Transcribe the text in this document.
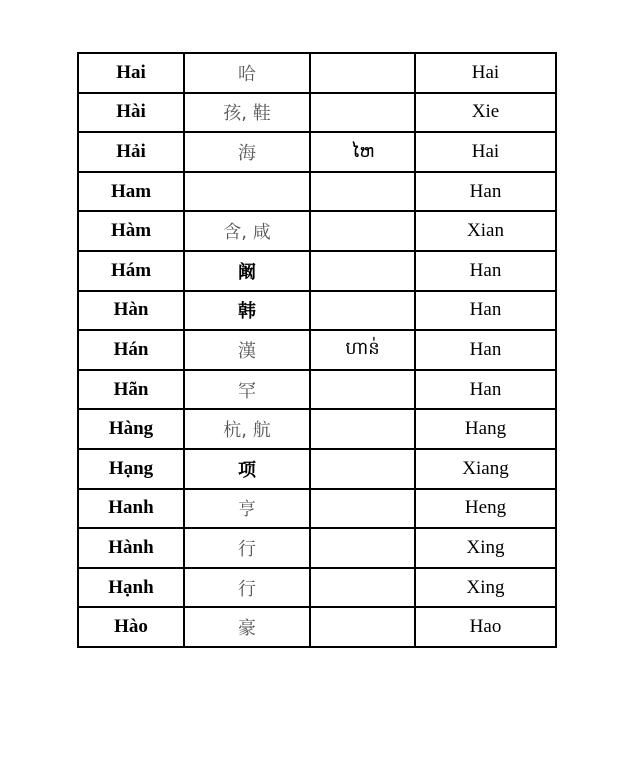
Hai	哈		Hai
Hài	孩, 鞋		Xie
Hải	海	ໄຫ	Hai
Ham			Han
Hàm	含, 咸		Xian
Hám	阚		Han
Hàn	韩		Han
Hán	漢	ហាន់	Han
Hãn	罕		Han
Hàng	杭, 航		Hang
Hạng	项		Xiang
Hanh	亨		Heng
Hành	行		Xing
Hạnh	行		Xing
Hào	豪		Hao
